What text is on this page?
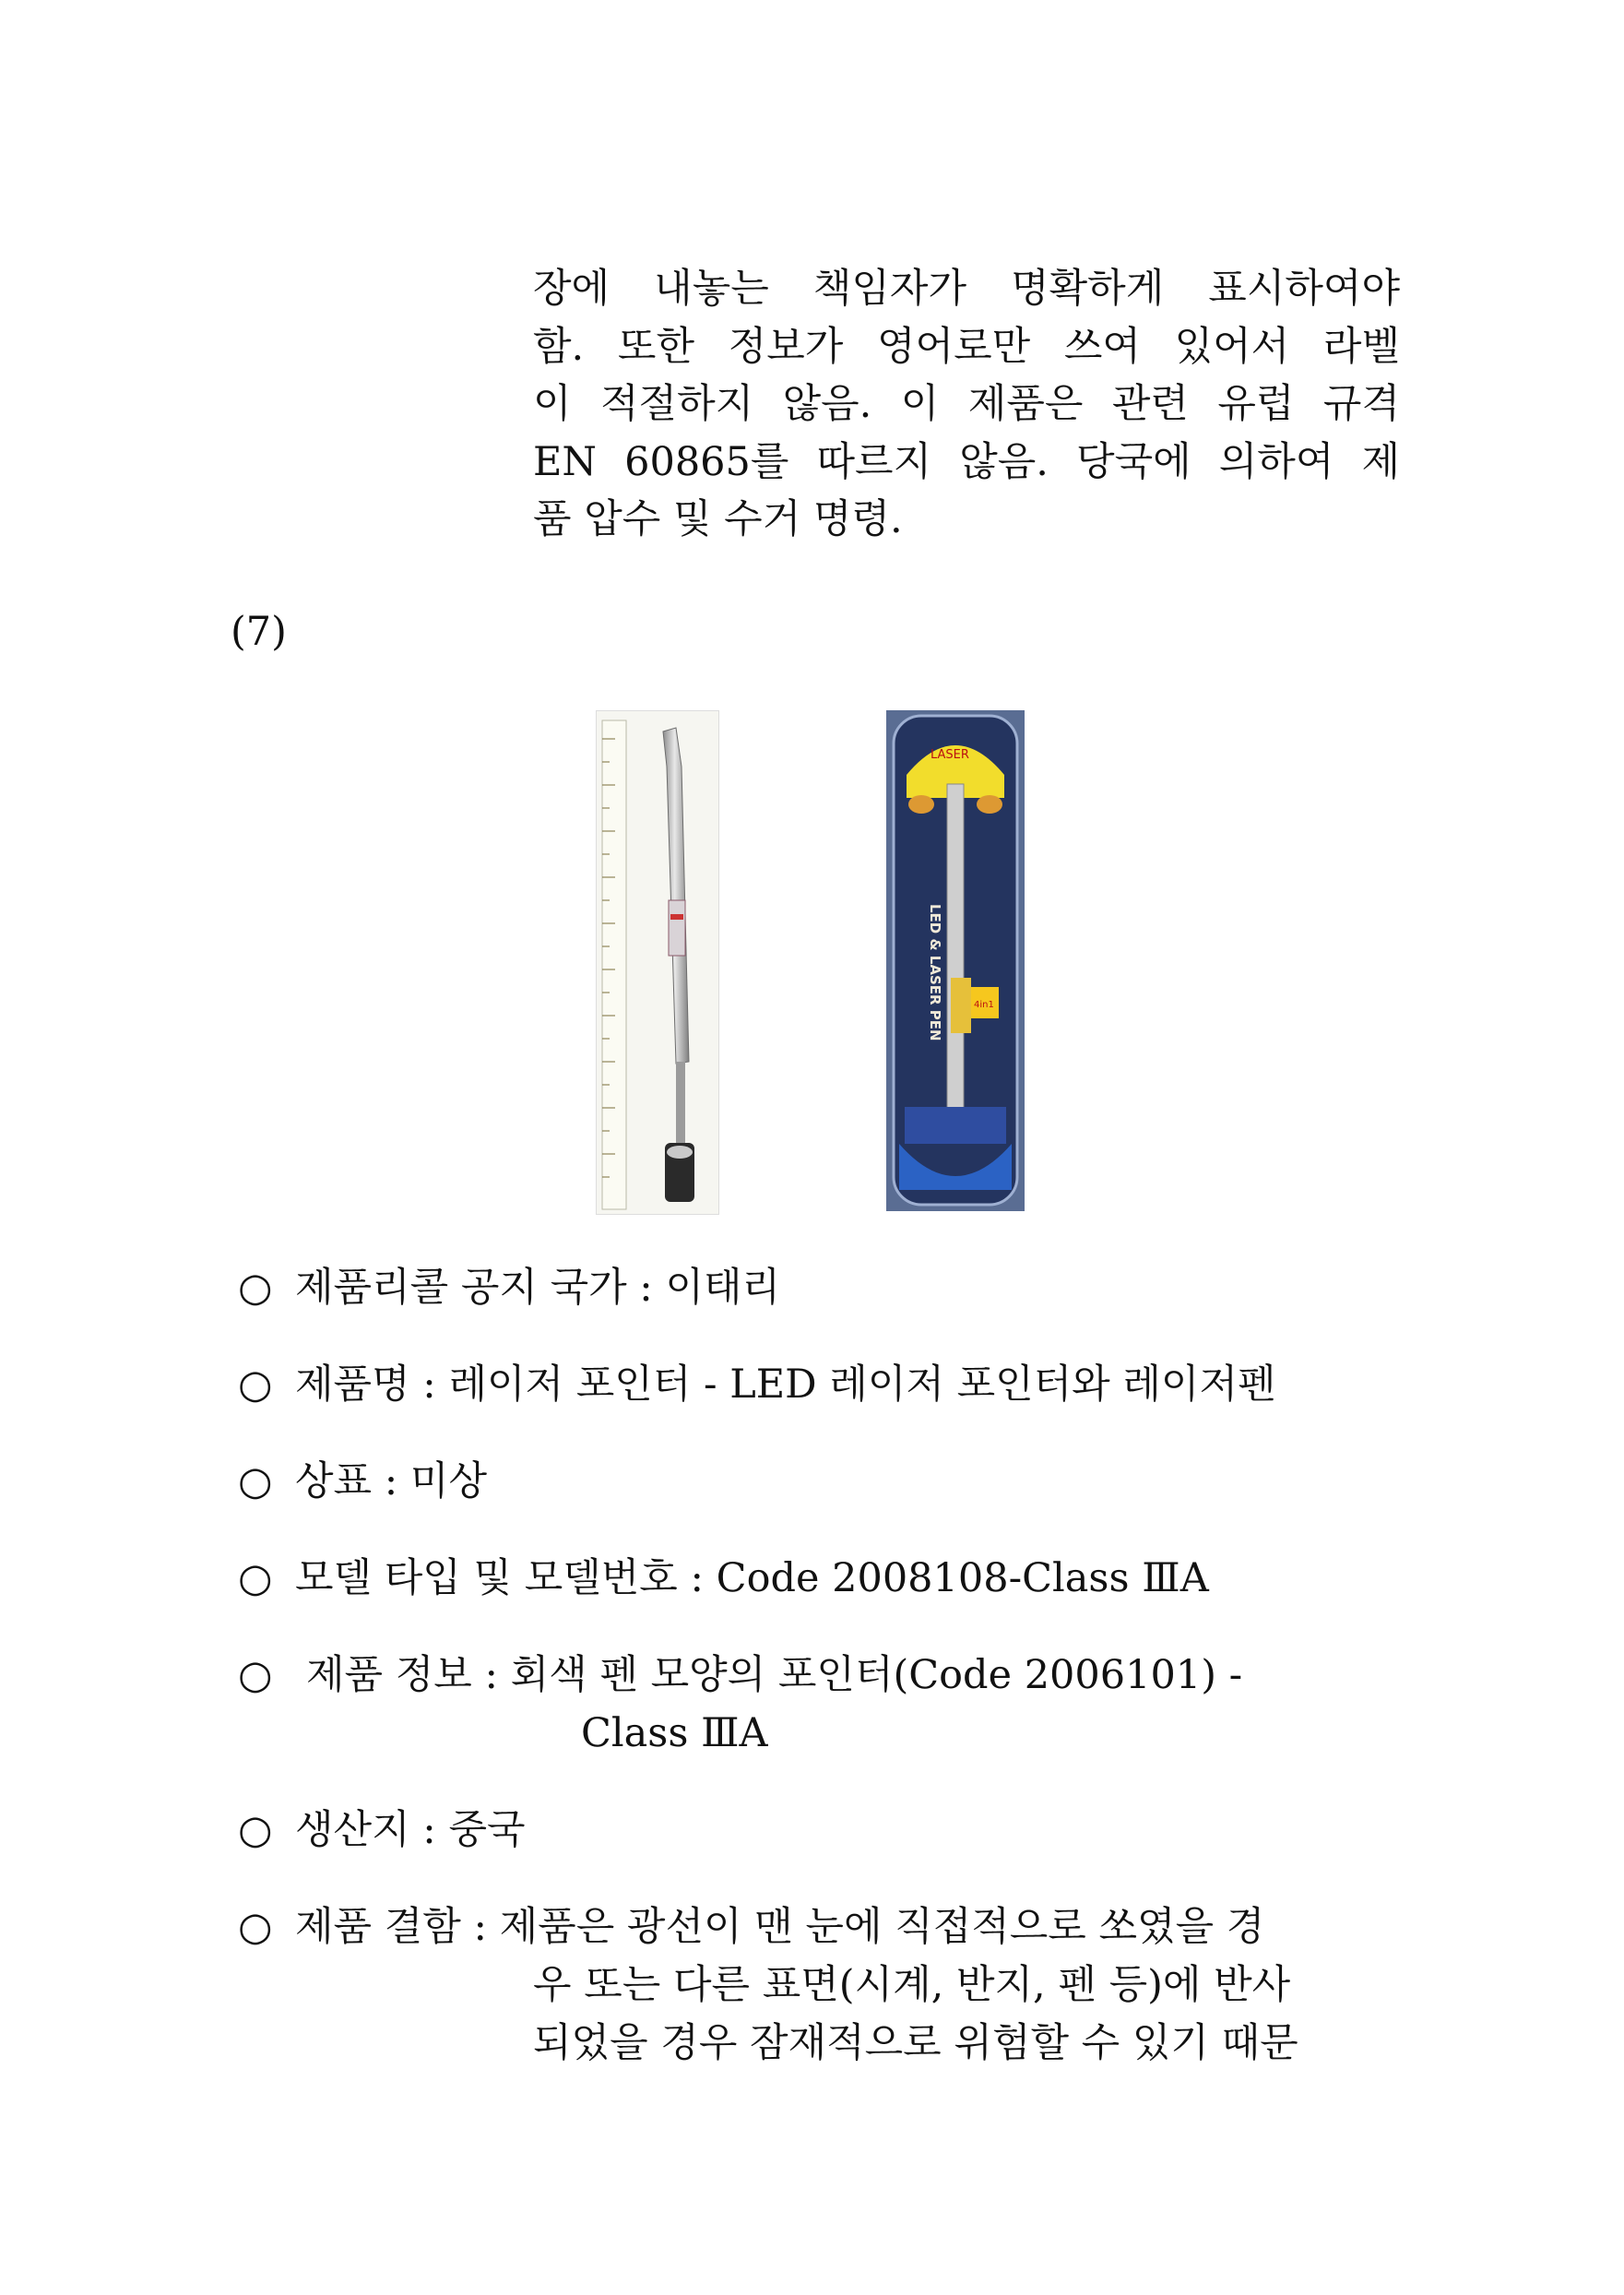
장에 내놓는 책임자가 명확하게 표시하여야
함. 또한 정보가 영어로만 쓰여 있어서 라벨
이 적절하지 않음. 이 제품은 관련 유럽 규격
EN 60865를 따르지 않음. 당국에 의하여 제
품 압수 및 수거 명령.
(7)
LASER
LED & LASER PEN	4in1
○ 제품리콜 공지 국가 : 이태리
○ 제품명 : 레이저 포인터 - LED 레이저 포인터와 레이저펜
○ 상표 : 미상
○ 모델 타입 및 모델번호 : Code 2008108-Class ⅢA
○ 제품 정보 : 회색 펜 모양의 포인터(Code 2006101) -
Class ⅢA
○ 생산지 : 중국
○ 제품 결함 : 제품은 광선이 맨 눈에 직접적으로 쏘였을 경
우 또는 다른 표면(시계, 반지, 펜 등)에 반사
되었을 경우 잠재적으로 위험할 수 있기 때문
